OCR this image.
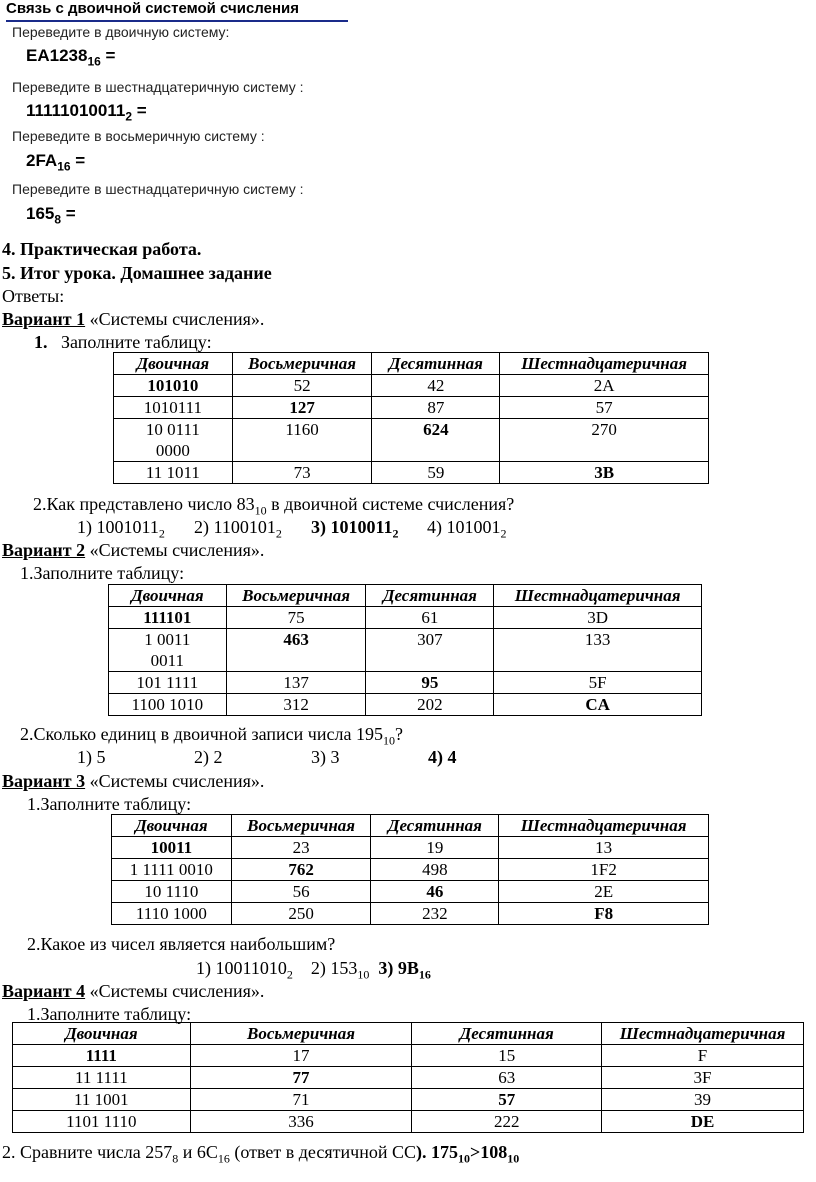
Связь с двоичной системой счисления
Переведите в двоичную систему:
$EA1238_{16}$ =
Переведите в шестнадцатеричную систему :
$11111010011_2$ =
Переведите в восьмеричную систему :
$2FA_{16}$ =
Переведите в шестнадцатеричную систему :
$165_8$ =
4. Практическая работа.
5. Итог урока. Домашнее задание
Ответы:
Вариант 1 «Системы счисления».
1. Заполните таблицу:
Двоичная	Восьмеричная	Десятинная	Шестнадцатеричная
101010	52	42	2A
1010111	127	87	57

10 0111
0000	1160	624	270
11 1011	73	59	3B
2.Как представлено число $83_{10}$ в двоичной системе счисления?
1) $1001011_2$ 2) $1100101_2$ 3) $1010011_2$ 4) $101001_2$
Вариант 2 «Системы счисления».
1.Заполните таблицу:
Двоичная	Восьмеричная	Десятинная	Шестнадцатеричная
111101	75	61	3D

1 0011
0011	463	307	133
101 1111	137	95	5F
1100 1010	312	202	CA
2.Сколько единиц в двоичной записи числа $195_{10}$?
1) 5	2) 2	3) 3	4) 4
Вариант 3 «Системы счисления».
1.Заполните таблицу:
Двоичная	Восьмеричная	Десятинная	Шестнадцатеричная
10011	23	19	13
1 1111 0010	762	498	1F2
10 1110	56	46	2E
1110 1000	250	232	F8
2.Какое из чисел является наибольшим?
1) $10011010_2$ 2) $153_{10}$ 3) $9B_{16}$
Вариант 4 «Системы счисления».
1.Заполните таблицу:
Двоичная	Восьмеричная	Десятинная	Шестнадцатеричная
1111	17	15	F
11 1111	77	63	3F
11 1001	71	57	39
1101 1110	336	222	DE
2. Сравните числа $257_8$ и $6С_{16}$ (ответ в десятичной СС). $175_{10}>108_{10}$
